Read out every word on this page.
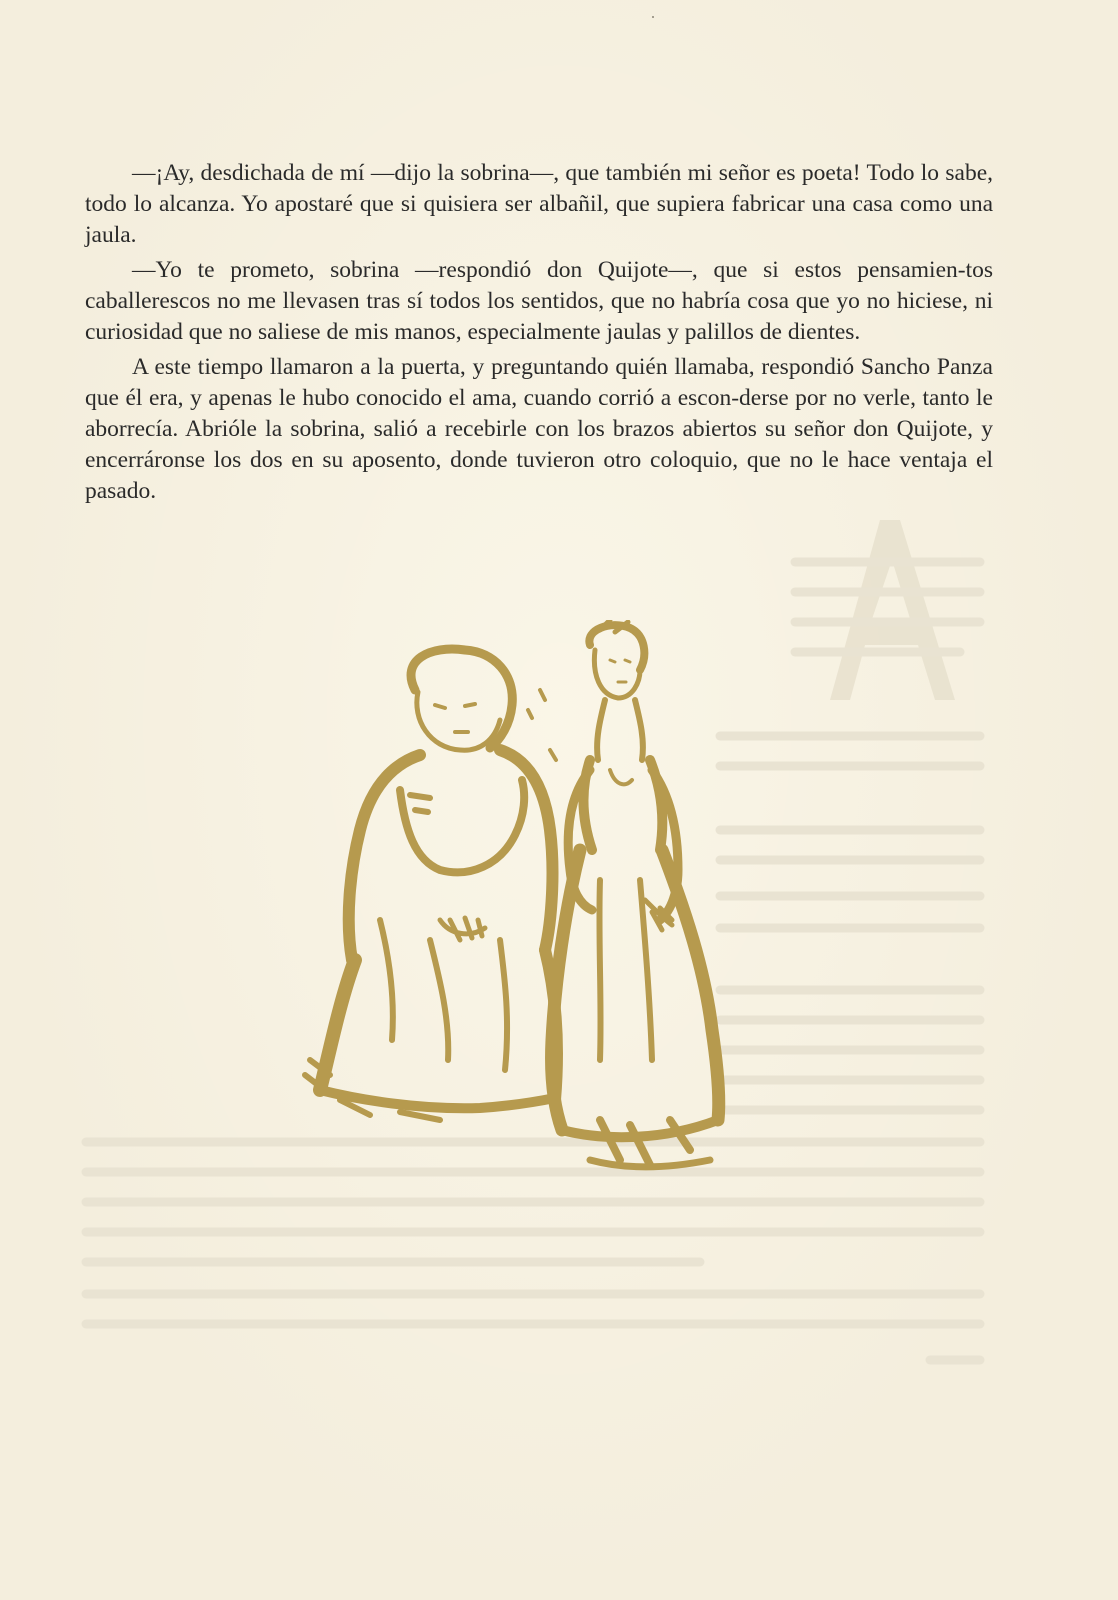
—¡Ay, desdichada de mí —dijo la sobrina—, que también mi señor es poeta! Todo lo sabe, todo lo alcanza. Yo apostaré que si quisiera ser albañil, que supiera fabricar una casa como una jaula.

—Yo te prometo, sobrina —respondió don Quijote—, que si estos pensamien-tos caballerescos no me llevasen tras sí todos los sentidos, que no habría cosa que yo no hiciese, ni curiosidad que no saliese de mis manos, especialmente jaulas y palillos de dientes.

A este tiempo llamaron a la puerta, y preguntando quién llamaba, respondió Sancho Panza que él era, y apenas le hubo conocido el ama, cuando corrió a escon-derse por no verle, tanto le aborrecía. Abrióle la sobrina, salió a recebirle con los brazos abiertos su señor don Quijote, y encerráronse los dos en su aposento, donde tuvieron otro coloquio, que no le hace ventaja el pasado.
